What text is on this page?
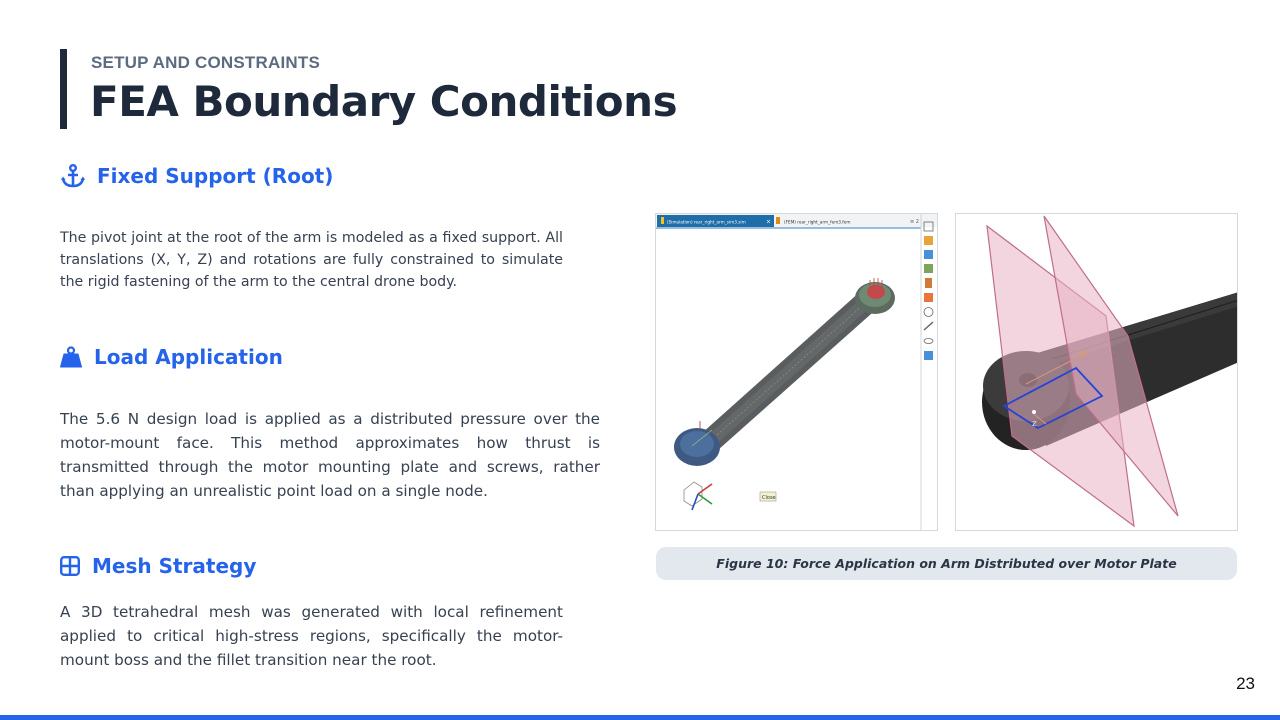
SETUP AND CONSTRAINTS
FEA Boundary Conditions
Fixed Support (Root)

The pivot joint at the root of the arm is modeled as a fixed support. All translations (X, Y, Z) and rotations are fully constrained to simulate the rigid fastening of the arm to the central drone body.

Load Application

The 5.6 N design load is applied as a distributed pressure over the motor-mount face. This method approximates how thrust is transmitted through the motor mounting plate and screws, rather than applying an unrealistic point load on a single node.

Mesh Strategy

A 3D tetrahedral mesh was generated with local refinement applied to critical high-stress regions, specifically the motor-mount boss and the fillet transition near the root.

(Simulation) rear_right_arm_sim3.sim	×	(FEM) rear_right_arm_fem3.fem	≡ 2
Close
z
Figure 10: Force Application on Arm Distributed over Motor Plate
23
